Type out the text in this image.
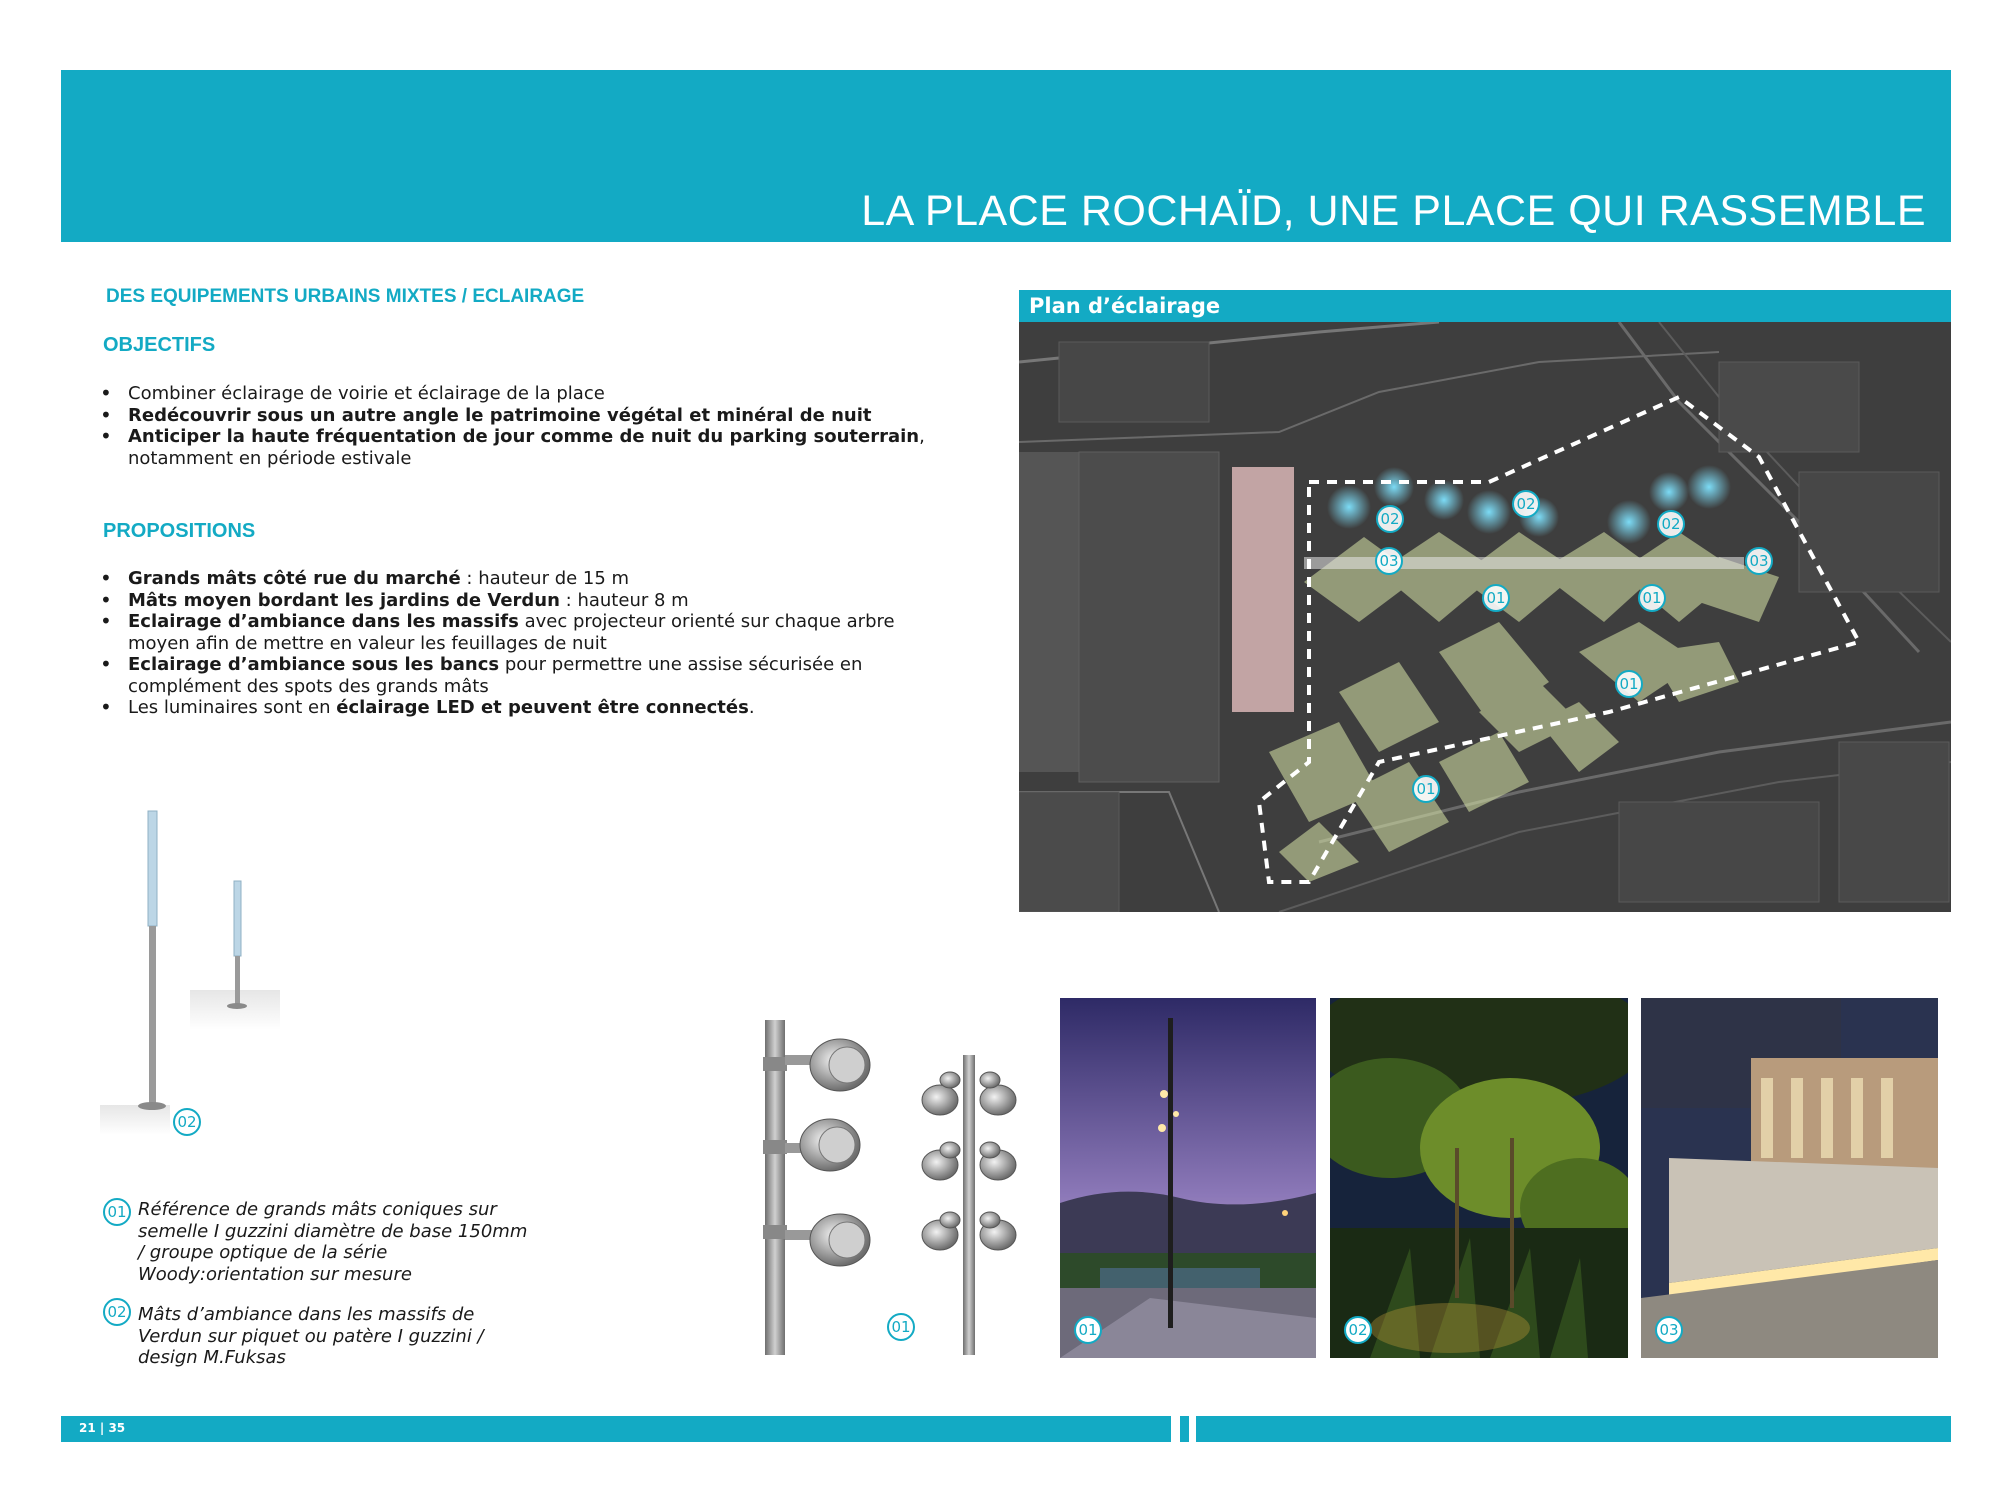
LA PLACE ROCHAÏD, UNE PLACE QUI RASSEMBLE
DES EQUIPEMENTS URBAINS MIXTES / ECLAIRAGE
OBJECTIFS
• Combiner éclairage de voirie et éclairage de la place
• Redécouvrir sous un autre angle le patrimoine végétal et minéral de nuit
• Anticiper la haute fréquentation de jour comme de nuit du parking souterrain, notamment en période estivale
PROPOSITIONS
• Grands mâts côté rue du marché : hauteur de 15 m
• Mâts moyen bordant les jardins de Verdun : hauteur 8 m
• Eclairage d’ambiance dans les massifs avec projecteur orienté sur chaque arbre moyen afin de mettre en valeur les feuillages de nuit
• Eclairage d’ambiance sous les bancs pour permettre une assise sécurisée en complément des spots des grands mâts
• Les luminaires sont en éclairage LED et peuvent être connectés.
Plan d’éclairage
02
02
02
03	03
01	01
01
01
02
01 Référence de grands mâts coniques sur semelle I guzzini diamètre de base 150mm / groupe optique de la série Woody:orientation sur mesure
02 Mâts d’ambiance dans les massifs de Verdun sur piquet ou patère I guzzini / design M.Fuksas
01	01	02	03
21 | 35
